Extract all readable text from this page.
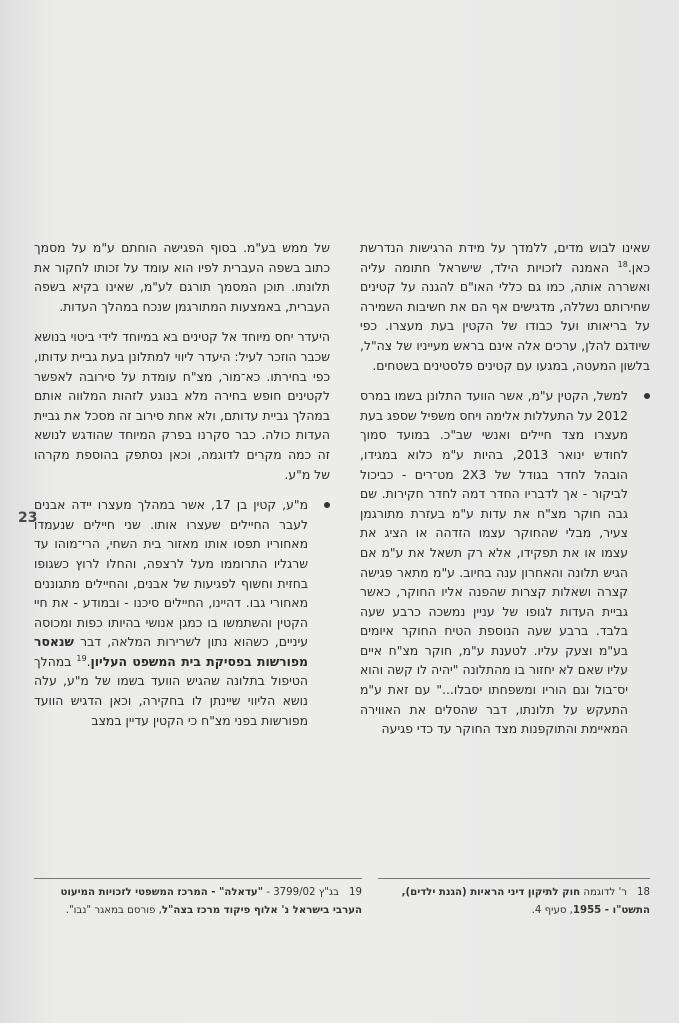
שאינו לבוש מדים, ללמדך על מידת הרגישות הנדרשת כאן.$^{18}$ האמנה לזכויות הילד, שישראל חתומה עליה ואשררה אותה, כמו גם כללי האו"ם להגנה על קטינים שחירותם נשללה, מדגישים אף הם את חשיבות השמירה על בריאותו ועל כבודו של הקטין בעת מעצרו. כפי שיודגם להלן, ערכים אלה אינם בראש מעייניו של צה"ל, בלשון המעטה, במגעו עם קטינים פלסטינים בשטחים.

למשל, הקטין ע"מ, אשר הוועד התלונן בשמו במרס 2012 על התעללות אלימה ויחס משפיל שספג בעת מעצרו מצד חיילים ואנשי שב"כ. במועד סמוך לחודש ינואר 2013, בהיות ע"מ כלוא במגידו, הובהל לחדר בגודל של 2X3 מט־רים - כביכול לביקור - אך לדבריו החדר דמה לחדר חקירות. שם גבה חוקר מצ"ח את עדות ע"מ בעזרת מתורגמן צעיר, מבלי שהחוקר עצמו הזדהה או הציג את עצמו או את תפקידו, אלא רק תשאל את ע"מ אם הגיש תלונה והאחרון ענה בחיוב. ע"מ מתאר פגישה קצרה ושאלות קצרות שהפנה אליו החוקר, כאשר גביית העדות לגופו של עניין נמשכה כרבע שעה בלבד. ברבע שעה הנוספת הטיח החוקר איומים בע"מ וצעק עליו. לטענת ע"מ, חוקר מצ"ח איים עליו שאם לא יחזור בו מהתלונה "יהיה לו קשה והוא יס־בול וגם הוריו ומשפחתו יסבלו..." עם זאת ע"מ התעקש על תלונתו, דבר שהסלים את האווירה המאיימת והתוקפנות מצד החוקר עד כדי פגיעה

של ממש בע"מ. בסוף הפגישה הוחתם ע"מ על מסמך כתוב בשפה העברית לפיו הוא עומד על זכותו לחקור את תלונתו. תוכן המסמך תורגם לע"מ, שאינו בקיא בשפה העברית, באמצעות המתורגמן שנכח במהלך העדות.

היעדר יחס מיוחד אל קטינים בא במיוחד לידי ביטוי בנושא שכבר הוזכר לעיל: היעדר ליווי למתלונן בעת גביית עדותו, כפי בחירתו. כא־מור, מצ"ח עומדת על סירובה לאפשר לקטינים חופש בחירה מלא בנוגע לזהות המלווה אותם במהלך גביית עדותם, ולא אחת סירוב זה מסכל את גביית העדות כולה. כבר סקרנו בפרק המיוחד שהודגש לנושא זה כמה מקרים לדוגמה, וכאן נסתפק בהוספת מקרהו של מ"ע.

מ"ע, קטין בן 17, אשר במהלך מעצרו יידה אבנים לעבר החיילים שעצרו אותו. שני חיילים שנעמדו מאחוריו תפסו אותו מאזור בית השחי, הרי־מוהו עד שרגליו התרוממו מעל לרצפה, והחלו לרוץ כשגופו בחזית וחשוף לפגיעות של אבנים, והחיילים מתגוננים מאחורי גבו. דהיינו, החיילים סיכנו - ובמודע - את חיי הקטין והשתמשו בו כמגן אנושי בהיותו כפות ומכוסה עיניים, כשהוא נתון לשרירות המלאה, דבר שנאסר מפורשות בפסיקת בית המשפט העליון.$^{19}$ במהלך הטיפול בתלונה שהגיש הוועד בשמו של מ"ע, עלה נושא הליווי שיינתן לו בחקירה, וכאן הדגיש הוועד מפורשות בפני מצ"ח כי הקטין עדיין במצב

23
18ר' לדוגמה חוק לתיקון דיני הראיות (הגנת ילדים), התשט"ו - 1955, סעיף 4.
19בג"ץ 3799/02 - "עדאלה" - המרכז המשפטי לזכויות המיעוט הערבי בישראל נ' אלוף פיקוד מרכז בצה"ל, פורסם במאגר "נבו".
